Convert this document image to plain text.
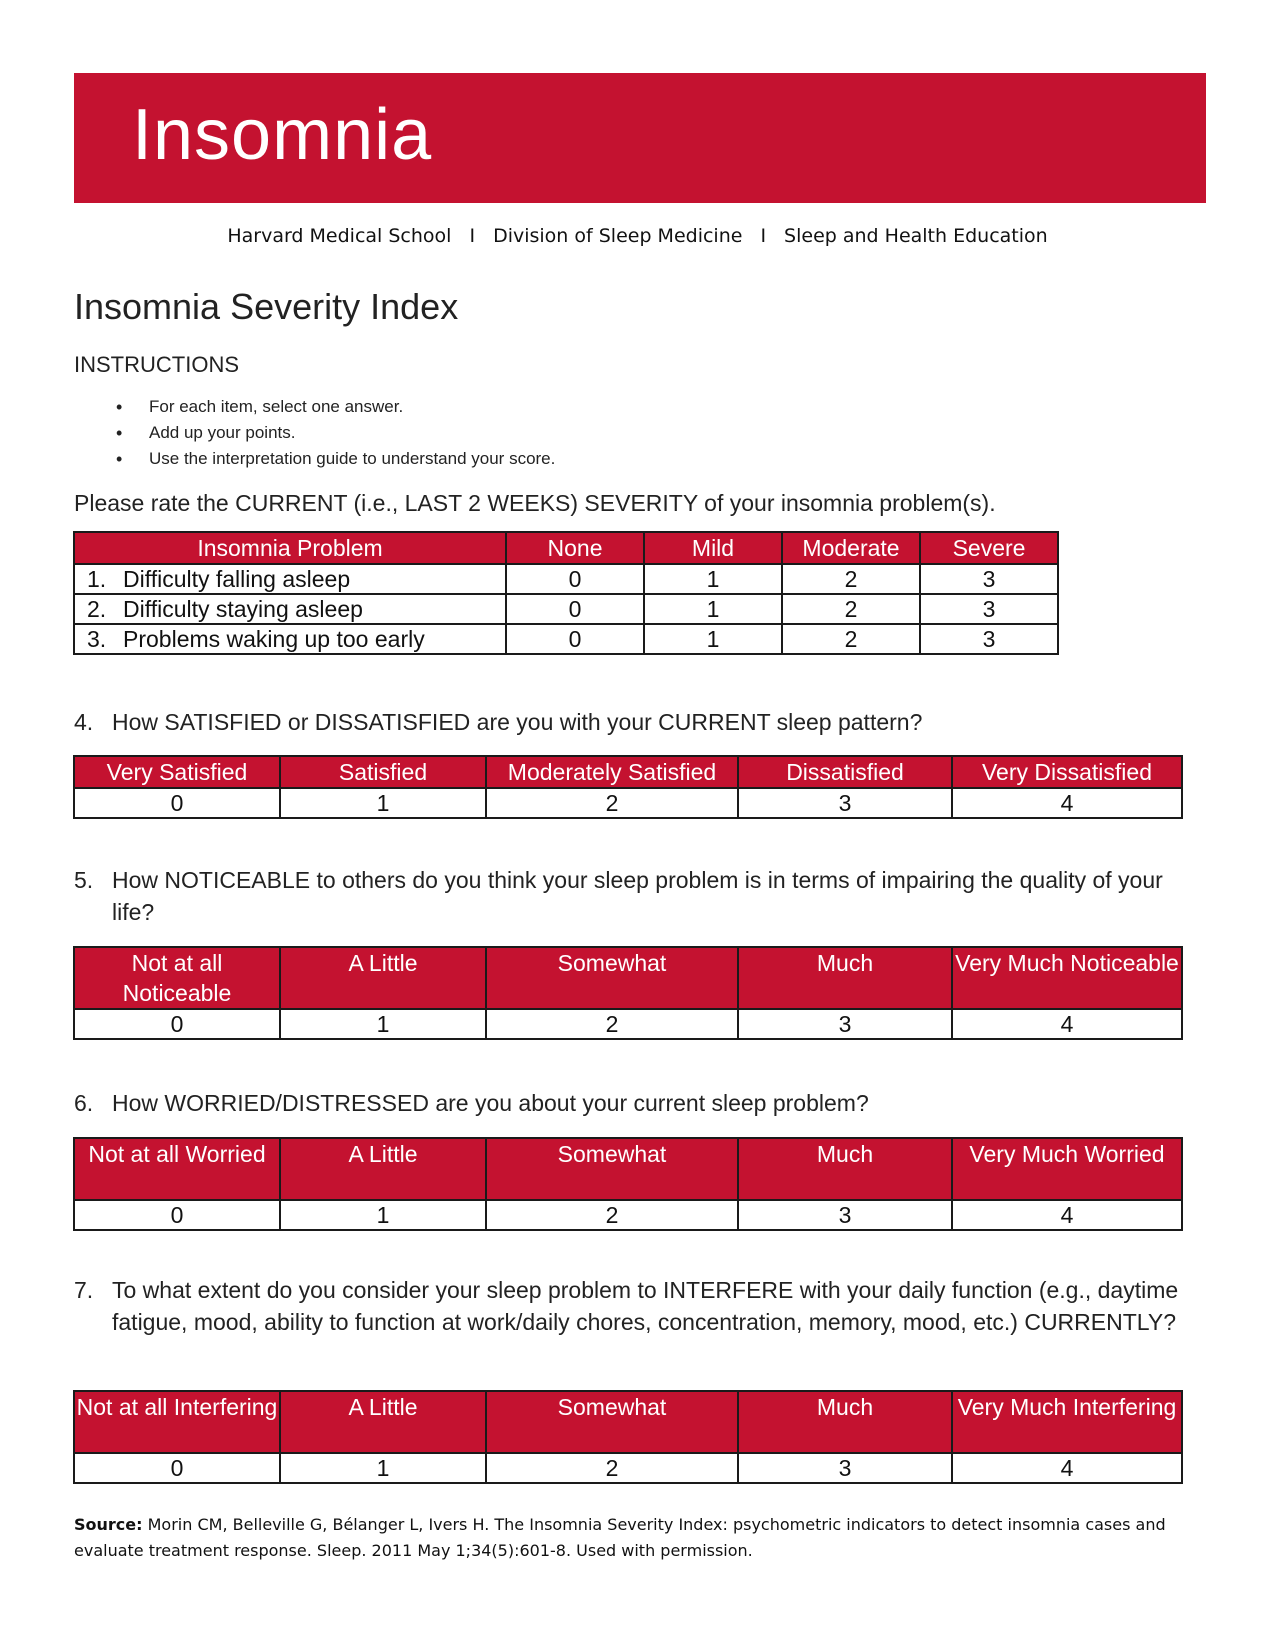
Insomnia
Harvard Medical School I Division of Sleep Medicine I Sleep and Health Education
Insomnia Severity Index
INSTRUCTIONS
• For each item, select one answer.
• Add up your points.
• Use the interpretation guide to understand your score.
Please rate the CURRENT (i.e., LAST 2 WEEKS) SEVERITY of your insomnia problem(s).
Insomnia Problem	None	Mild	Moderate	Severe
1. Difficulty falling asleep	0	1	2	3
2. Difficulty staying asleep	0	1	2	3
3. Problems waking up too early	0	1	2	3
4. How SATISFIED or DISSATISFIED are you with your CURRENT sleep pattern?
Very Satisfied	Satisfied	Moderately Satisfied	Dissatisfied	Very Dissatisfied
0	1	2	3	4
5. How NOTICEABLE to others do you think your sleep problem is in terms of impairing the quality of your life?
Not at all Noticeable	A Little	Somewhat	Much	Very Much Noticeable
0	1	2	3	4
6. How WORRIED/DISTRESSED are you about your current sleep problem?
Not at all Worried	A Little	Somewhat	Much	Very Much Worried
0	1	2	3	4
7. To what extent do you consider your sleep problem to INTERFERE with your daily function (e.g., daytime fatigue, mood, ability to function at work/daily chores, concentration, memory, mood, etc.) CURRENTLY?
Not at all Interfering	A Little	Somewhat	Much	Very Much Interfering
0	1	2	3	4
Source: Morin CM, Belleville G, Bélanger L, Ivers H. The Insomnia Severity Index: psychometric indicators to detect insomnia cases and evaluate treatment response. Sleep. 2011 May 1;34(5):601-8. Used with permission.
